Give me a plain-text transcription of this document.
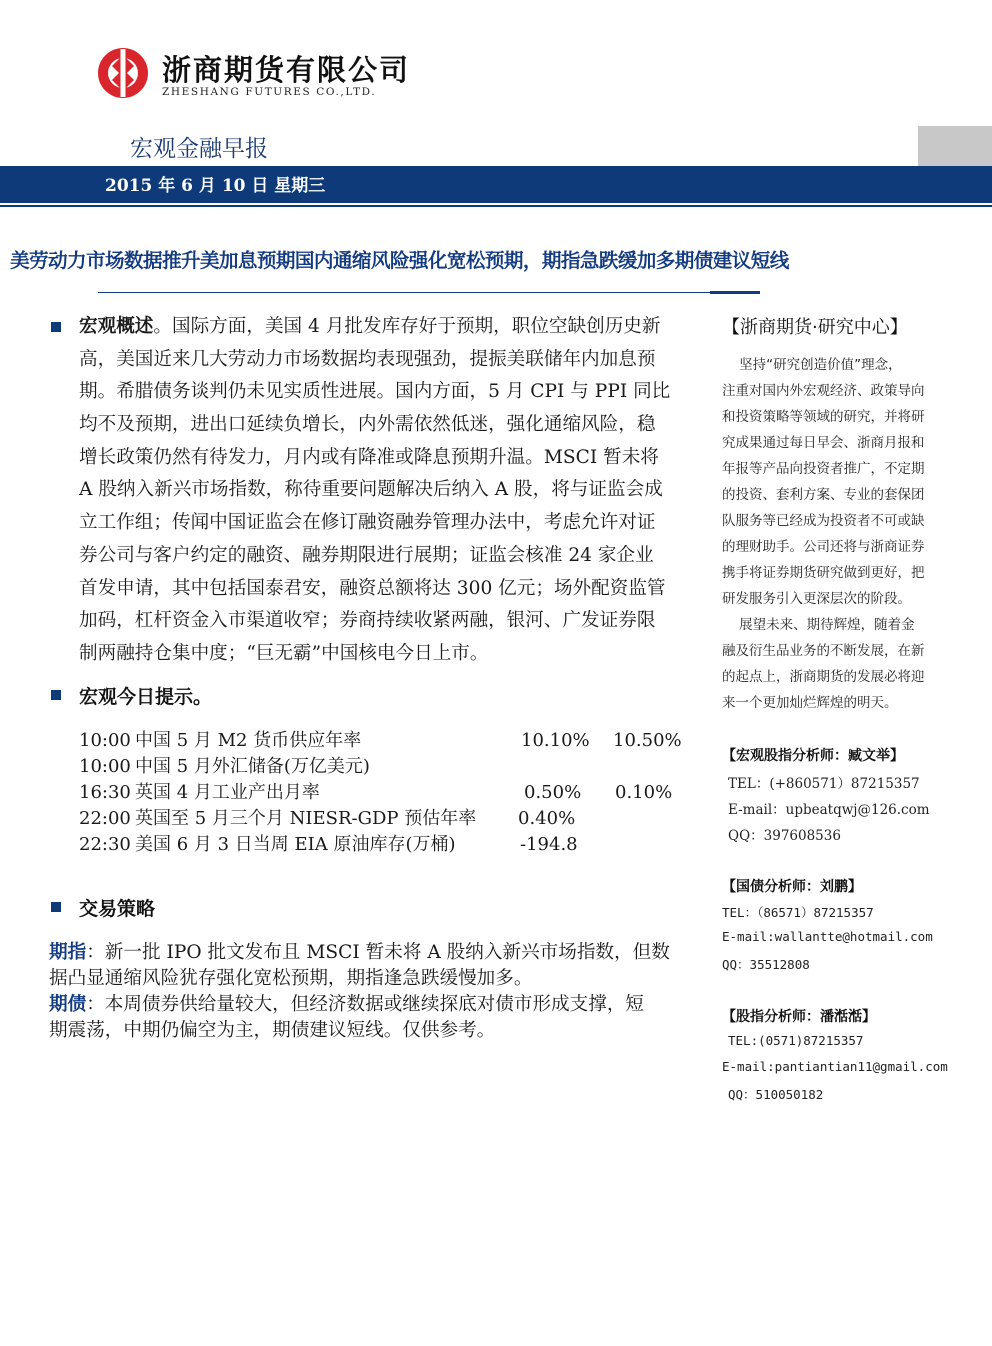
浙商期货有限公司
ZHESHANG FUTURES CO.,LTD.
宏观金融早报
2015 年 6 月 10 日 星期三
美劳动力市场数据推升美加息预期国内通缩风险强化宽松预期，期指急跌缓加多期债建议短线
宏观概述。国际方面，美国 4 月批发库存好于预期，职位空缺创历史新
高，美国近来几大劳动力市场数据均表现强劲，提振美联储年内加息预
期。希腊债务谈判仍未见实质性进展。国内方面，5 月 CPI 与 PPI 同比
均不及预期，进出口延续负增长，内外需依然低迷，强化通缩风险，稳
增长政策仍然有待发力，月内或有降准或降息预期升温。MSCI 暂未将
A 股纳入新兴市场指数，称待重要问题解决后纳入 A 股，将与证监会成
立工作组；传闻中国证监会在修订融资融券管理办法中，考虑允许对证
券公司与客户约定的融资、融券期限进行展期；证监会核准 24 家企业
首发申请，其中包括国泰君安，融资总额将达 300 亿元；场外配资监管
加码，杠杆资金入市渠道收窄；券商持续收紧两融，银河、广发证券限
制两融持仓集中度；“巨无霸”中国核电今日上市。
宏观今日提示。
10:00 中国 5 月 M2 货币供应年率	10.10% 10.50%
10:00 中国 5 月外汇储备(万亿美元)
16:30 英国 4 月工业产出月率	0.50% 0.10%
22:00 英国至 5 月三个月 NIESR-GDP 预估年率 0.40%
22:30 美国 6 月 3 日当周 EIA 原油库存(万桶)	-194.8
交易策略
期指：新一批 IPO 批文发布且 MSCI 暂未将 A 股纳入新兴市场指数，但数
据凸显通缩风险犹存强化宽松预期，期指逢急跌缓慢加多。
期债：本周债券供给量较大，但经济数据或继续探底对债市形成支撑，短
期震荡，中期仍偏空为主，期债建议短线。仅供参考。
【浙商期货·研究中心】
坚持“研究创造价值”理念，
注重对国内外宏观经济、政策导向
和投资策略等领域的研究，并将研
究成果通过每日早会、浙商月报和
年报等产品向投资者推广，不定期
的投资、套利方案、专业的套保团
队服务等已经成为投资者不可或缺
的理财助手。公司还将与浙商证券
携手将证券期货研究做到更好，把
研发服务引入更深层次的阶段。
展望未来、期待辉煌，随着金
融及衍生品业务的不断发展，在新
的起点上，浙商期货的发展必将迎
来一个更加灿烂辉煌的明天。
【宏观股指分析师：臧文举】
TEL：(+860571）87215357
E-mail：upbeatqwj@126.com
QQ：397608536
【国债分析师：刘鹏】
TEL：（86571）87215357
E-mail:wallantte@hotmail.com
QQ：35512808
【股指分析师：潘湉湉】
TEL:(0571)87215357
E-mail:pantiantian11@gmail.com
QQ：510050182
